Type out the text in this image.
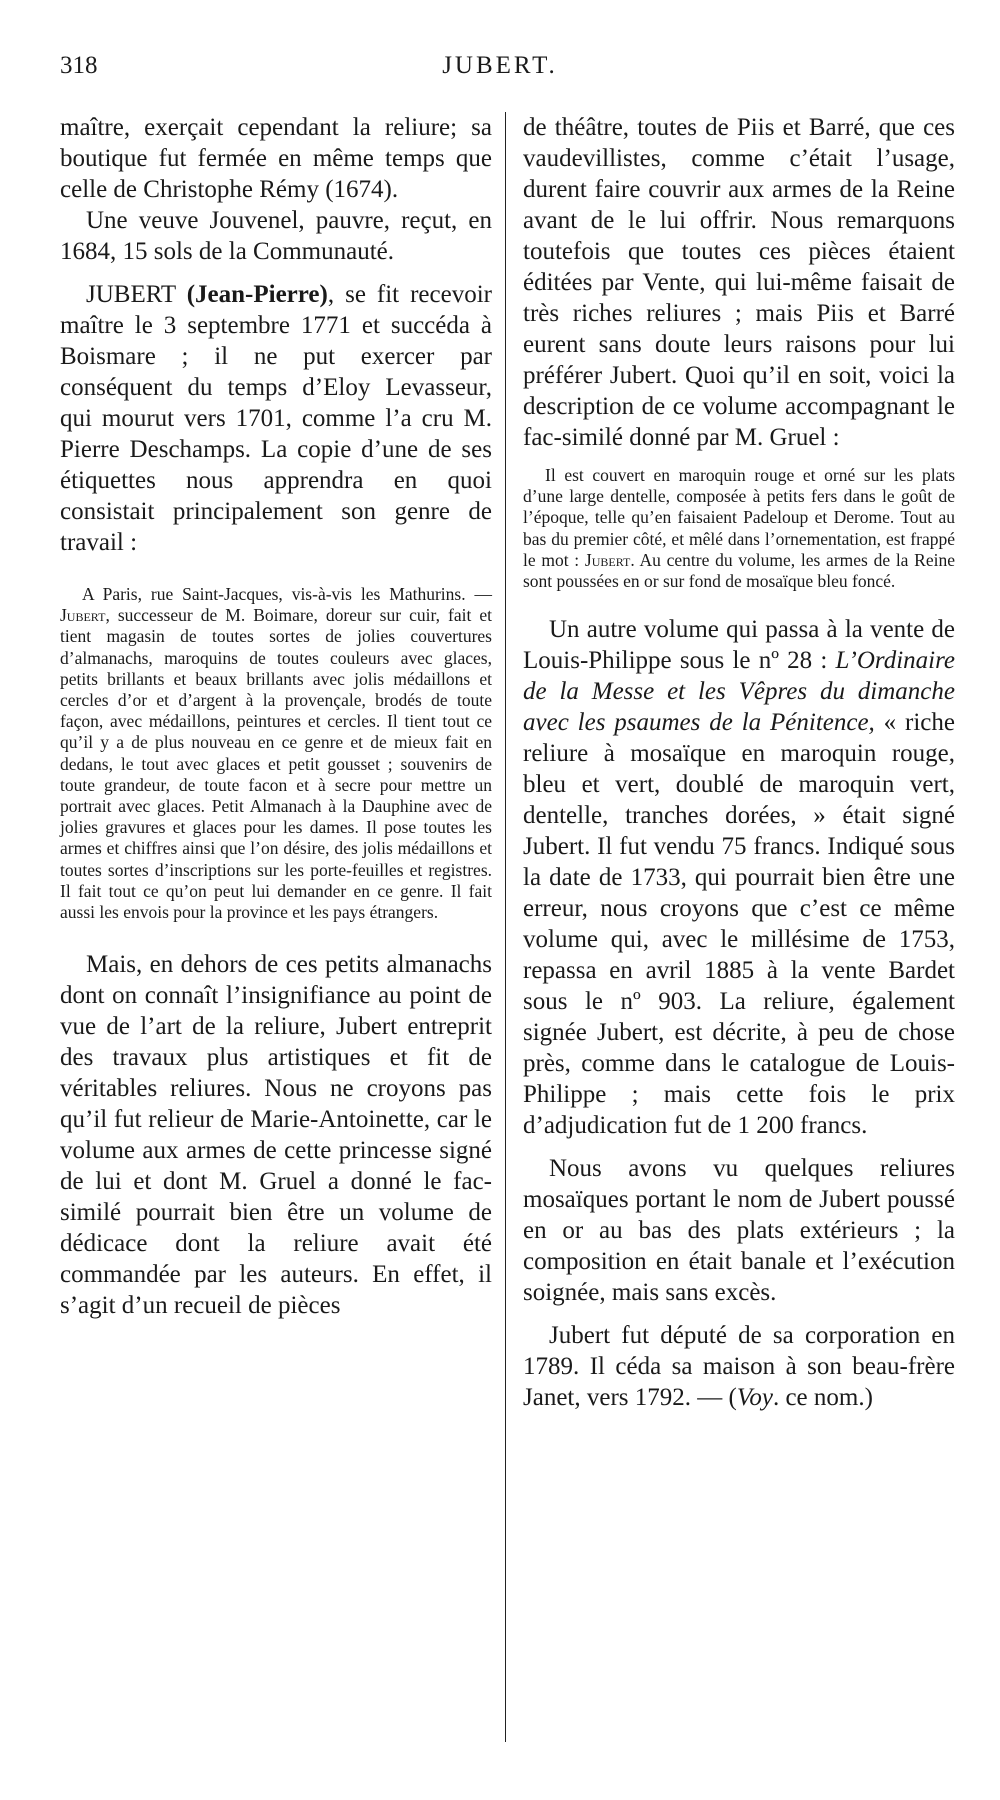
318	JUBERT.

maître, exerçait cependant la reliure; sa boutique fut fermée en même temps que celle de Christophe Rémy (1674).

Une veuve Jouvenel, pauvre, reçut, en 1684, 15 sols de la Communauté.

JUBERT (Jean-Pierre), se fit recevoir maître le 3 septembre 1771 et succéda à Boismare ; il ne put exercer par conséquent du temps d’Eloy Levasseur, qui mourut vers 1701, comme l’a cru M. Pierre Deschamps. La copie d’une de ses étiquettes nous apprendra en quoi consistait principalement son genre de travail :

A Paris, rue Saint-Jacques, vis-à-vis les Mathurins. — Jubert, successeur de M. Boimare, doreur sur cuir, fait et tient magasin de toutes sortes de jolies couvertures d’almanachs, maroquins de toutes couleurs avec glaces, petits brillants et beaux brillants avec jolis médaillons et cercles d’or et d’argent à la provençale, brodés de toute façon, avec médaillons, peintures et cercles. Il tient tout ce qu’il y a de plus nouveau en ce genre et de mieux fait en dedans, le tout avec glaces et petit gousset ; souvenirs de toute grandeur, de toute facon et à secre pour mettre un portrait avec glaces. Petit Almanach à la Dauphine avec de jolies gravures et glaces pour les dames. Il pose toutes les armes et chiffres ainsi que l’on désire, des jolis médaillons et toutes sortes d’inscriptions sur les porte-feuilles et registres. Il fait tout ce qu’on peut lui demander en ce genre. Il fait aussi les envois pour la province et les pays étrangers.

Mais, en dehors de ces petits almanachs dont on connaît l’insignifiance au point de vue de l’art de la reliure, Jubert entreprit des travaux plus artistiques et fit de véritables reliures. Nous ne croyons pas qu’il fut relieur de Marie-Antoinette, car le volume aux armes de cette princesse signé de lui et dont M. Gruel a donné le fac-similé pourrait bien être un volume de dédicace dont la reliure avait été commandée par les auteurs. En effet, il s’agit d’un recueil de pièces

de théâtre, toutes de Piis et Barré, que ces vaudevillistes, comme c’était l’usage, durent faire couvrir aux armes de la Reine avant de le lui offrir. Nous remarquons toutefois que toutes ces pièces étaient éditées par Vente, qui lui-même faisait de très riches reliures ; mais Piis et Barré eurent sans doute leurs raisons pour lui préférer Jubert. Quoi qu’il en soit, voici la description de ce volume accompagnant le fac-similé donné par M. Gruel :

Il est couvert en maroquin rouge et orné sur les plats d’une large dentelle, composée à petits fers dans le goût de l’époque, telle qu’en faisaient Padeloup et Derome. Tout au bas du premier côté, et mêlé dans l’ornementation, est frappé le mot : Jubert. Au centre du volume, les armes de la Reine sont poussées en or sur fond de mosaïque bleu foncé.

Un autre volume qui passa à la vente de Louis-Philippe sous le nº 28 : L’Ordinaire de la Messe et les Vêpres du dimanche avec les psaumes de la Pénitence, « riche reliure à mosaïque en maroquin rouge, bleu et vert, doublé de maroquin vert, dentelle, tranches dorées, » était signé Jubert. Il fut vendu 75 francs. Indiqué sous la date de 1733, qui pourrait bien être une erreur, nous croyons que c’est ce même volume qui, avec le millésime de 1753, repassa en avril 1885 à la vente Bardet sous le nº 903. La reliure, également signée Jubert, est décrite, à peu de chose près, comme dans le catalogue de Louis-Philippe ; mais cette fois le prix d’adjudication fut de 1 200 francs.

Nous avons vu quelques reliures mosaïques portant le nom de Jubert poussé en or au bas des plats extérieurs ; la composition en était banale et l’exécution soignée, mais sans excès.

Jubert fut député de sa corporation en 1789. Il céda sa maison à son beau-frère Janet, vers 1792. — (Voy. ce nom.)
